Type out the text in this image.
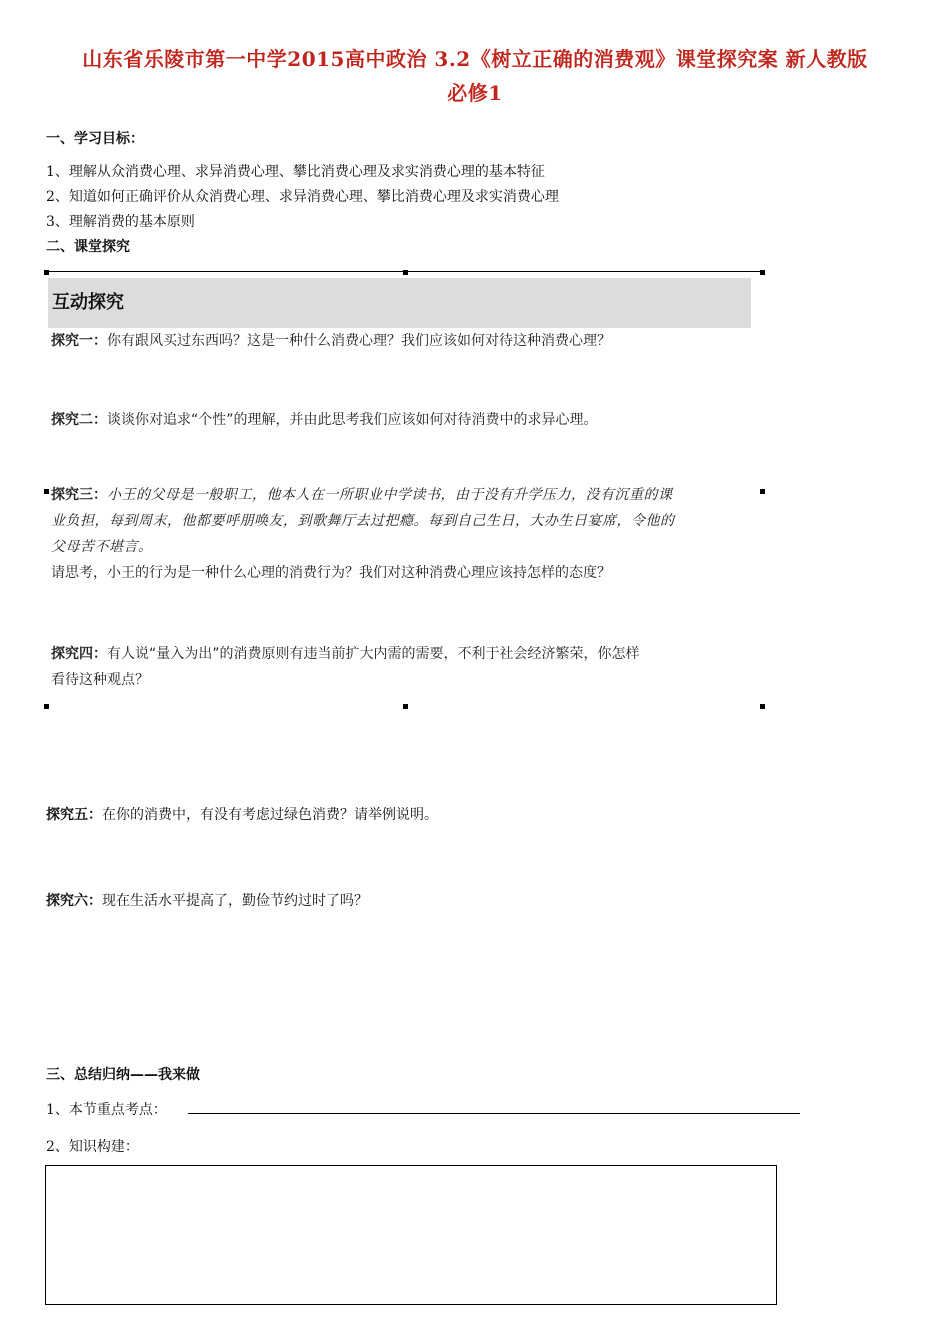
山东省乐陵市第一中学2015高中政治 3.2《树立正确的消费观》课堂探究案 新人教版
必修1
一、学习目标：
1、理解从众消费心理、求异消费心理、攀比消费心理及求实消费心理的基本特征
2、知道如何正确评价从众消费心理、求异消费心理、攀比消费心理及求实消费心理
3、理解消费的基本原则
二、课堂探究
互动探究
探究一：你有跟风买过东西吗？这是一种什么消费心理？我们应该如何对待这种消费心理？
探究二：谈谈你对追求“个性”的理解，并由此思考我们应该如何对待消费中的求异心理。
探究三：小王的父母是一般职工，他本人在一所职业中学读书，由于没有升学压力，没有沉重的课
业负担，每到周末，他都要呼朋唤友，到歌舞厅去过把瘾。每到自己生日，大办生日宴席，令他的
父母苦不堪言。
请思考，小王的行为是一种什么心理的消费行为？我们对这种消费心理应该持怎样的态度？
探究四：有人说“量入为出”的消费原则有违当前扩大内需的需要，不利于社会经济繁荣，你怎样
看待这种观点？
探究五：在你的消费中，有没有考虑过绿色消费？请举例说明。
探究六：现在生活水平提高了，勤俭节约过时了吗？
三、总结归纳——我来做
1、本节重点考点：
2、知识构建：
